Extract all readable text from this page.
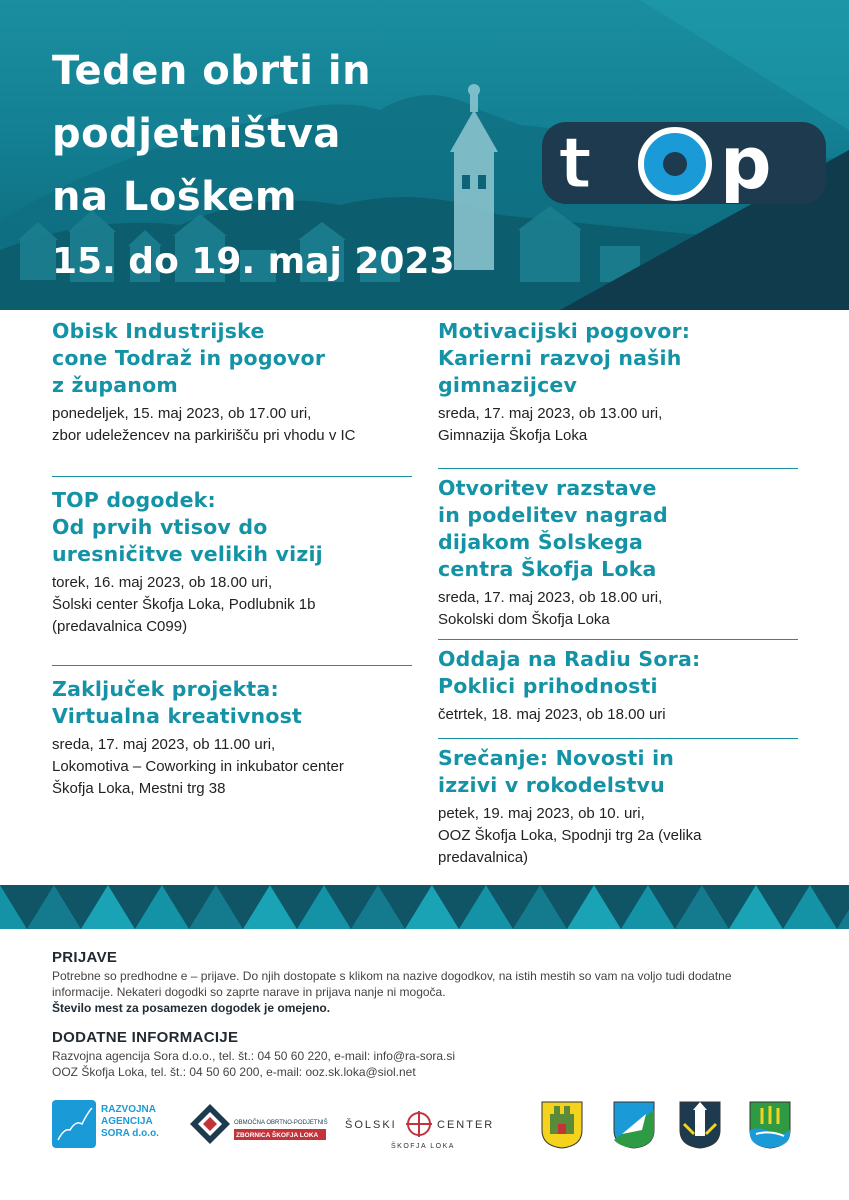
Teden obrti in
podjetništva
na Loškem
15. do 19. maj 2023
t p
Obisk Industrijske
cone Todraž in pogovor
z županom

ponedeljek, 15. maj 2023, ob 17.00 uri,
zbor udeležencev na parkirišču pri vhodu v IC

TOP dogodek:
Od prvih vtisov do
uresničitve velikih vizij

torek, 16. maj 2023, ob 18.00 uri,
Šolski center Škofja Loka, Podlubnik 1b
(predavalnica C099)

Zaključek projekta:
Virtualna kreativnost

sreda, 17. maj 2023, ob 11.00 uri,
Lokomotiva – Coworking in inkubator center
Škofja Loka, Mestni trg 38

Motivacijski pogovor:
Karierni razvoj naših
gimnazijcev

sreda, 17. maj 2023, ob 13.00 uri,
Gimnazija Škofja Loka

Otvoritev razstave
in podelitev nagrad
dijakom Šolskega
centra Škofja Loka

sreda, 17. maj 2023, ob 18.00 uri,
Sokolski dom Škofja Loka

Oddaja na Radiu Sora:
Poklici prihodnosti

četrtek, 18. maj 2023, ob 18.00 uri

Srečanje: Novosti in
izzivi v rokodelstvu

petek, 19. maj 2023, ob 10. uri,
OOZ Škofja Loka, Spodnji trg 2a (velika
predavalnica)

PRIJAVE

Potrebne so predhodne e – prijave. Do njih dostopate s klikom na nazive dogodkov, na istih mestih so vam na voljo tudi dodatne

informacije. Nekateri dogodki so zaprte narave in prijava nanje ni mogoča.

Število mest za posamezen dogodek je omejeno.

DODATNE INFORMACIJE

Razvojna agencija Sora d.o.o., tel. št.: 04 50 60 220, e-mail: info@ra-sora.si

OOZ Škofja Loka, tel. št.: 04 50 60 200, e-mail: ooz.sk.loka@siol.net

RAZVOJNA
AGENCIJA
SORA d.o.o.
OBMOČNA OBRTNO-PODJETNIŠKA
ZBORNICA ŠKOFJA LOKA
ŠOLSKI	CENTER
ŠKOFJA LOKA
